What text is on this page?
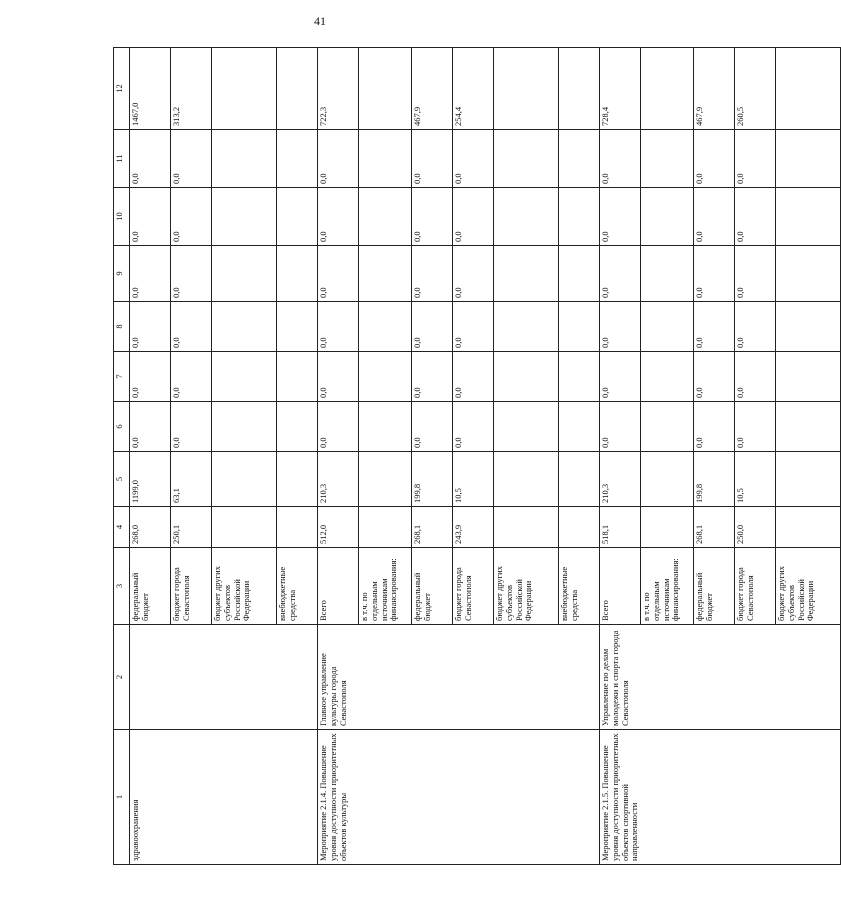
41
1	2	3	4	5	6	7	8	9	10	11	12
здравоохранения		федеральный бюджет	268,0	1199,0	0,0	0,0	0,0	0,0	0,0	0,0	1467,0
		бюджет города Севастополя	250,1	63,1	0,0	0,0	0,0	0,0	0,0	0,0	313,2
		бюджет других субъектов Российской Федерации									
		внебюджетные средства									
Мероприятие 2.1.4. Повышение уровня доступности приоритетных объектов культуры	Главное управление культуры города Севастополя	Всего	512,0	210,3	0,0	0,0	0,0	0,0	0,0	0,0	722,3
		в т.ч. по отдельным источникам финансирования:									
		федеральный бюджет	268,1	199,8	0,0	0,0	0,0	0,0	0,0	0,0	467,9
		бюджет города Севастополя	243,9	10,5	0,0	0,0	0,0	0,0	0,0	0,0	254,4
		бюджет других субъектов Российской Федерации									
		внебюджетные средства									
Мероприятие 2.1.5. Повышение уровня доступности приоритетных объектов спортивной направленности	Управление по делам молодежи и спорта города Севастополя	Всего	518,1	210,3	0,0	0,0	0,0	0,0	0,0	0,0	728,4
		в т.ч. по отдельным источникам финансирования:									
		федеральный бюджет	268,1	199,8	0,0	0,0	0,0	0,0	0,0	0,0	467,9
		бюджет города Севастополя	250,0	10,5	0,0	0,0	0,0	0,0	0,0	0,0	260,5
		бюджет других субъектов Российской Федерации									
